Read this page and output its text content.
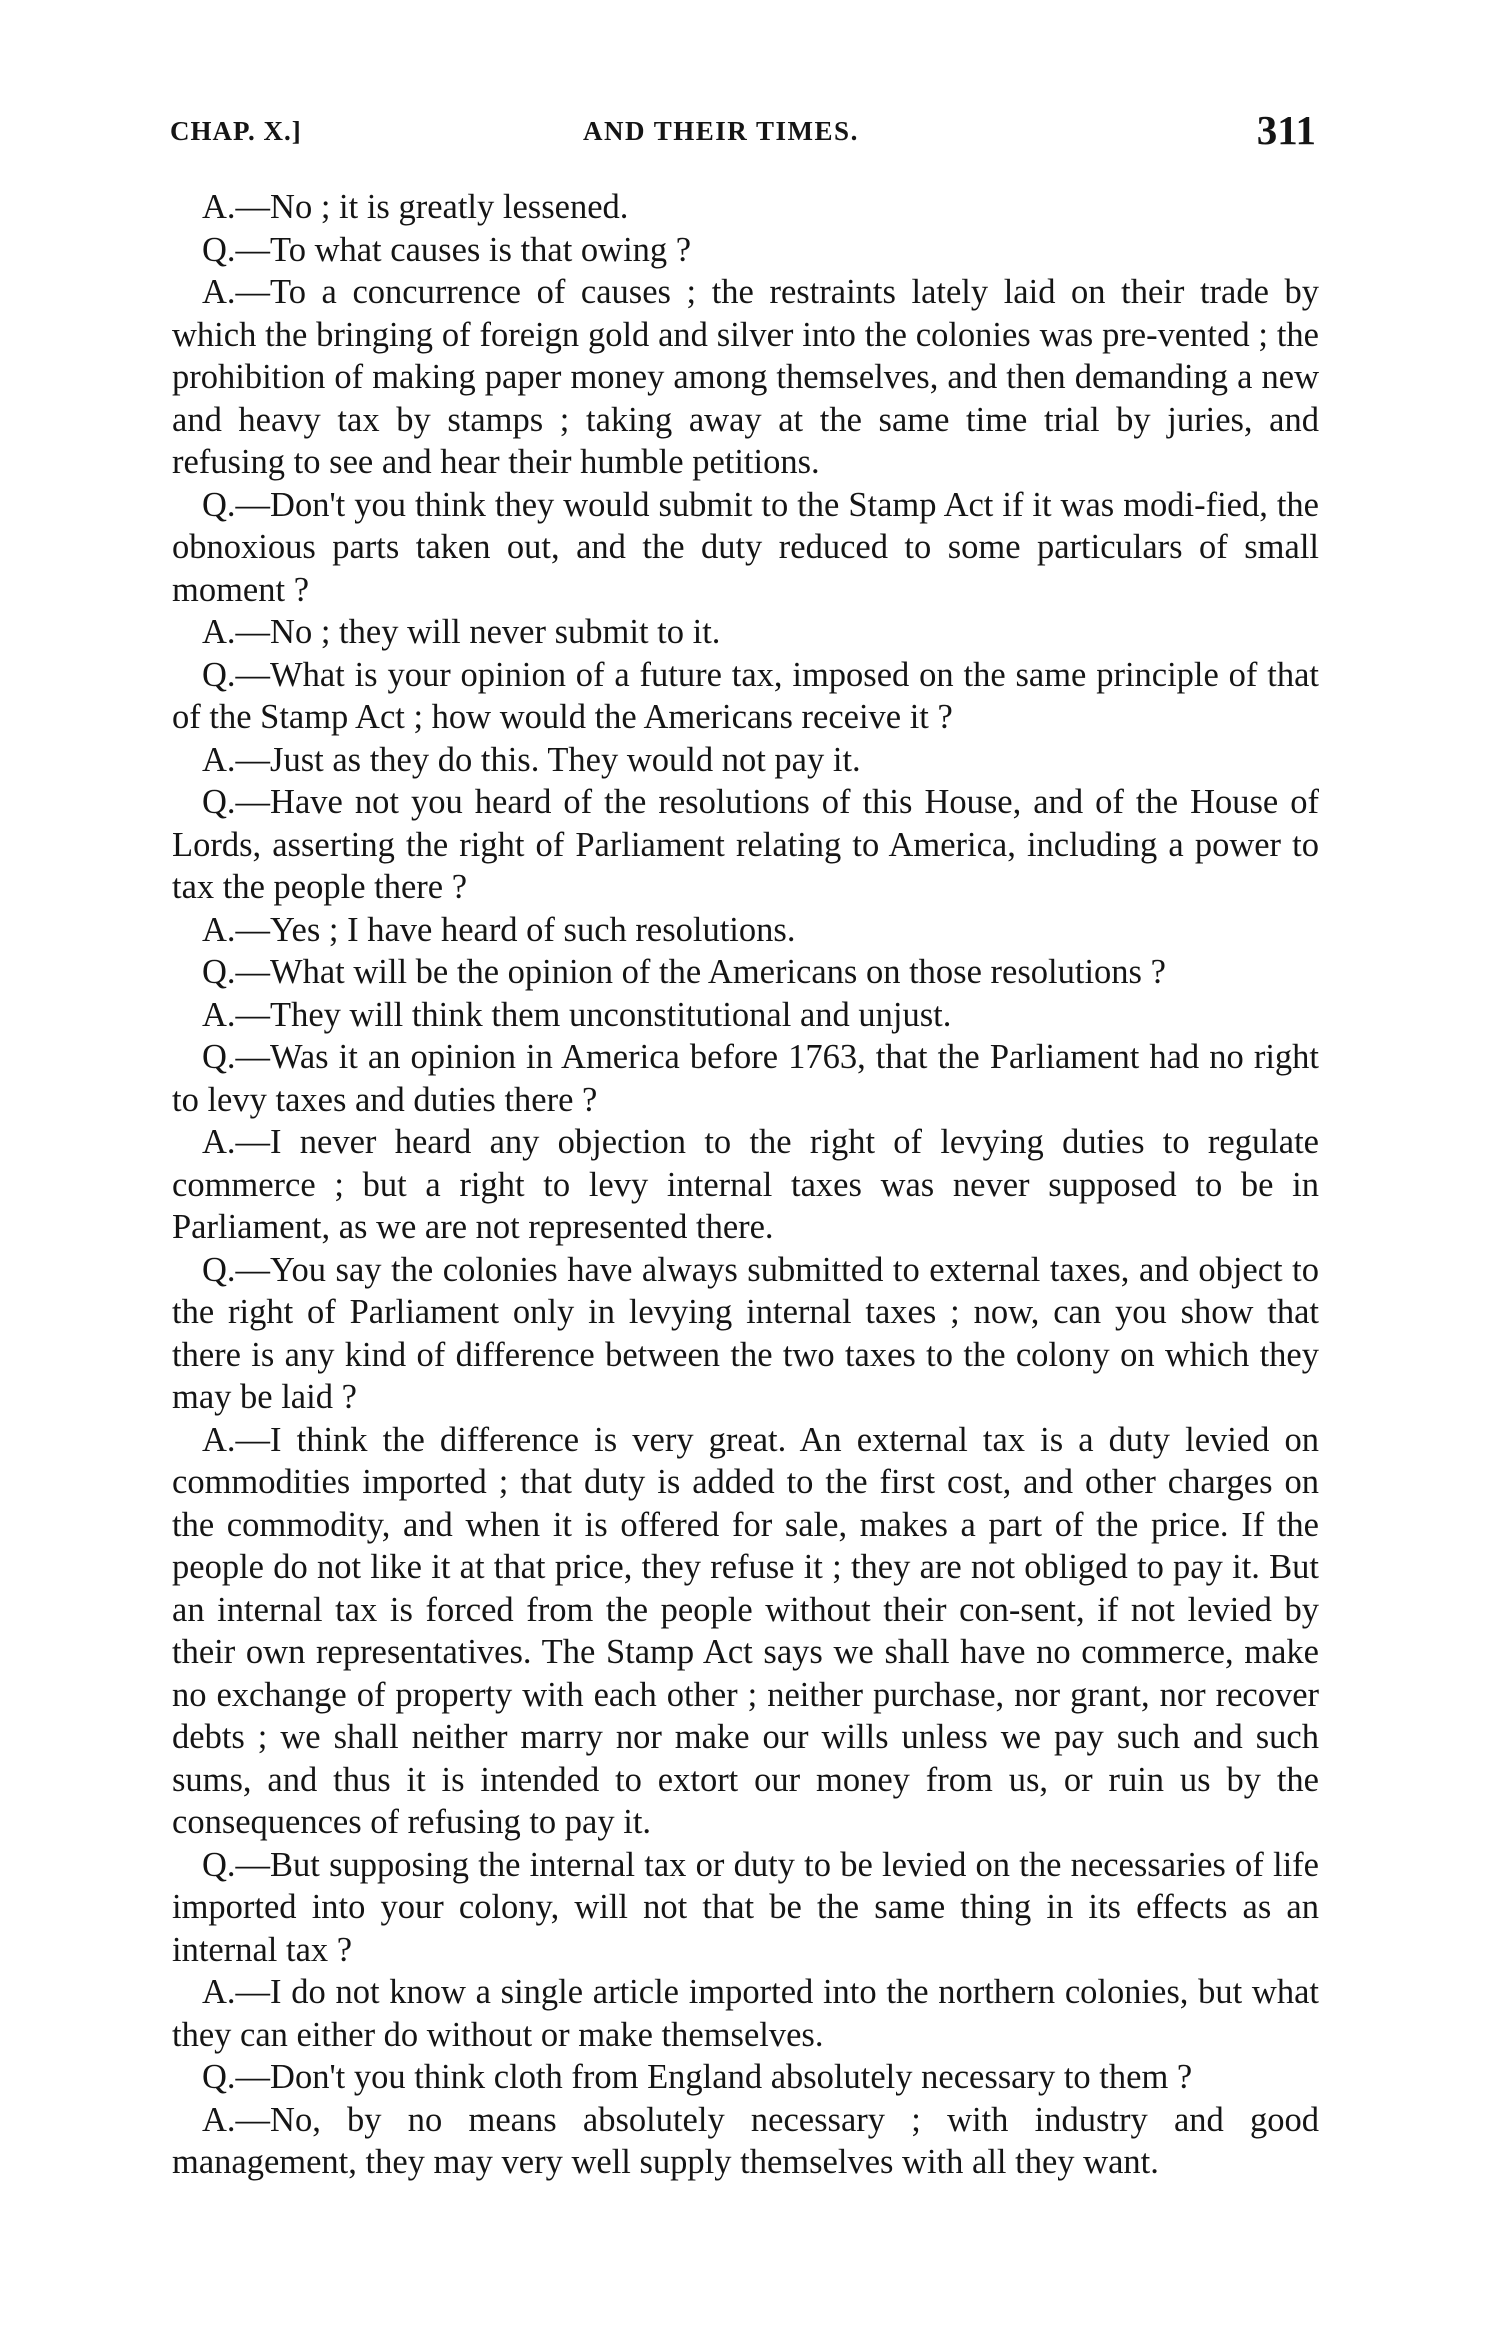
CHAP. X.]	AND THEIR TIMES.	311

A.—No ; it is greatly lessened.

Q.—To what causes is that owing ?

A.—To a concurrence of causes ; the restraints lately laid on their trade by which the bringing of foreign gold and silver into the colonies was pre-vented ; the prohibition of making paper money among themselves, and then demanding a new and heavy tax by stamps ; taking away at the same time trial by juries, and refusing to see and hear their humble petitions.

Q.—Don't you think they would submit to the Stamp Act if it was modi-fied, the obnoxious parts taken out, and the duty reduced to some particulars of small moment ?

A.—No ; they will never submit to it.

Q.—What is your opinion of a future tax, imposed on the same principle of that of the Stamp Act ; how would the Americans receive it ?

A.—Just as they do this. They would not pay it.

Q.—Have not you heard of the resolutions of this House, and of the House of Lords, asserting the right of Parliament relating to America, including a power to tax the people there ?

A.—Yes ; I have heard of such resolutions.

Q.—What will be the opinion of the Americans on those resolutions ?

A.—They will think them unconstitutional and unjust.

Q.—Was it an opinion in America before 1763, that the Parliament had no right to levy taxes and duties there ?

A.—I never heard any objection to the right of levying duties to regulate commerce ; but a right to levy internal taxes was never supposed to be in Parliament, as we are not represented there.

Q.—You say the colonies have always submitted to external taxes, and object to the right of Parliament only in levying internal taxes ; now, can you show that there is any kind of difference between the two taxes to the colony on which they may be laid ?

A.—I think the difference is very great. An external tax is a duty levied on commodities imported ; that duty is added to the first cost, and other charges on the commodity, and when it is offered for sale, makes a part of the price. If the people do not like it at that price, they refuse it ; they are not obliged to pay it. But an internal tax is forced from the people without their con-sent, if not levied by their own representatives. The Stamp Act says we shall have no commerce, make no exchange of property with each other ; neither purchase, nor grant, nor recover debts ; we shall neither marry nor make our wills unless we pay such and such sums, and thus it is intended to extort our money from us, or ruin us by the consequences of refusing to pay it.

Q.—But supposing the internal tax or duty to be levied on the necessaries of life imported into your colony, will not that be the same thing in its effects as an internal tax ?

A.—I do not know a single article imported into the northern colonies, but what they can either do without or make themselves.

Q.—Don't you think cloth from England absolutely necessary to them ?

A.—No, by no means absolutely necessary ; with industry and good management, they may very well supply themselves with all they want.
